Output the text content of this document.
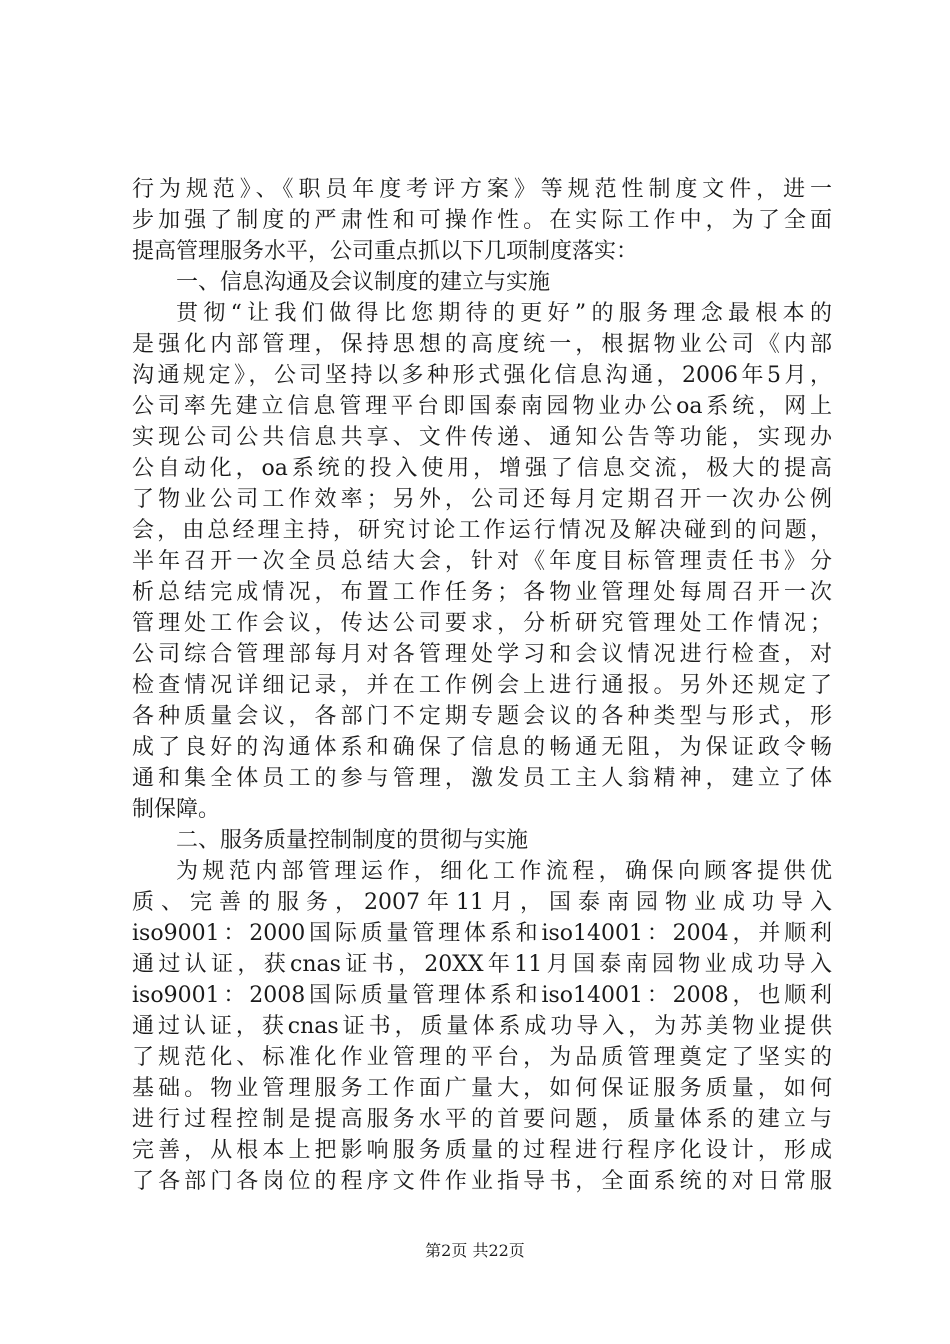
行为规范》、《职员年度考评方案》等规范性制度文件，进一
步加强了制度的严肃性和可操作性。在实际工作中，为了全面
提高管理服务水平，公司重点抓以下几项制度落实：
一、信息沟通及会议制度的建立与实施
贯彻“让我们做得比您期待的更好”的服务理念最根本的
是强化内部管理，保持思想的高度统一，根据物业公司《内部
沟通规定》，公司坚持以多种形式强化信息沟通，2006年5月，
公司率先建立信息管理平台即国泰南园物业办公oa系统，网上
实现公司公共信息共享、文件传递、通知公告等功能，实现办
公自动化，oa系统的投入使用，增强了信息交流，极大的提高
了物业公司工作效率；另外，公司还每月定期召开一次办公例
会，由总经理主持，研究讨论工作运行情况及解决碰到的问题，
半年召开一次全员总结大会，针对《年度目标管理责任书》分
析总结完成情况，布置工作任务；各物业管理处每周召开一次
管理处工作会议，传达公司要求，分析研究管理处工作情况；
公司综合管理部每月对各管理处学习和会议情况进行检查，对
检查情况详细记录，并在工作例会上进行通报。另外还规定了
各种质量会议，各部门不定期专题会议的各种类型与形式，形
成了良好的沟通体系和确保了信息的畅通无阻，为保证政令畅
通和集全体员工的参与管理，激发员工主人翁精神，建立了体
制保障。
二、服务质量控制制度的贯彻与实施
为规范内部管理运作，细化工作流程，确保向顾客提供优
质、完善的服务，2007年11月，国泰南园物业成功导入
iso9001：2000国际质量管理体系和iso14001：2004，并顺利
通过认证，获cnas证书，20XX年11月国泰南园物业成功导入
iso9001：2008国际质量管理体系和iso14001：2008，也顺利
通过认证，获cnas证书，质量体系成功导入，为苏美物业提供
了规范化、标准化作业管理的平台，为品质管理奠定了坚实的
基础。物业管理服务工作面广量大，如何保证服务质量，如何
进行过程控制是提高服务水平的首要问题，质量体系的建立与
完善，从根本上把影响服务质量的过程进行程序化设计，形成
了各部门各岗位的程序文件作业指导书，全面系统的对日常服
第2页 共22页
